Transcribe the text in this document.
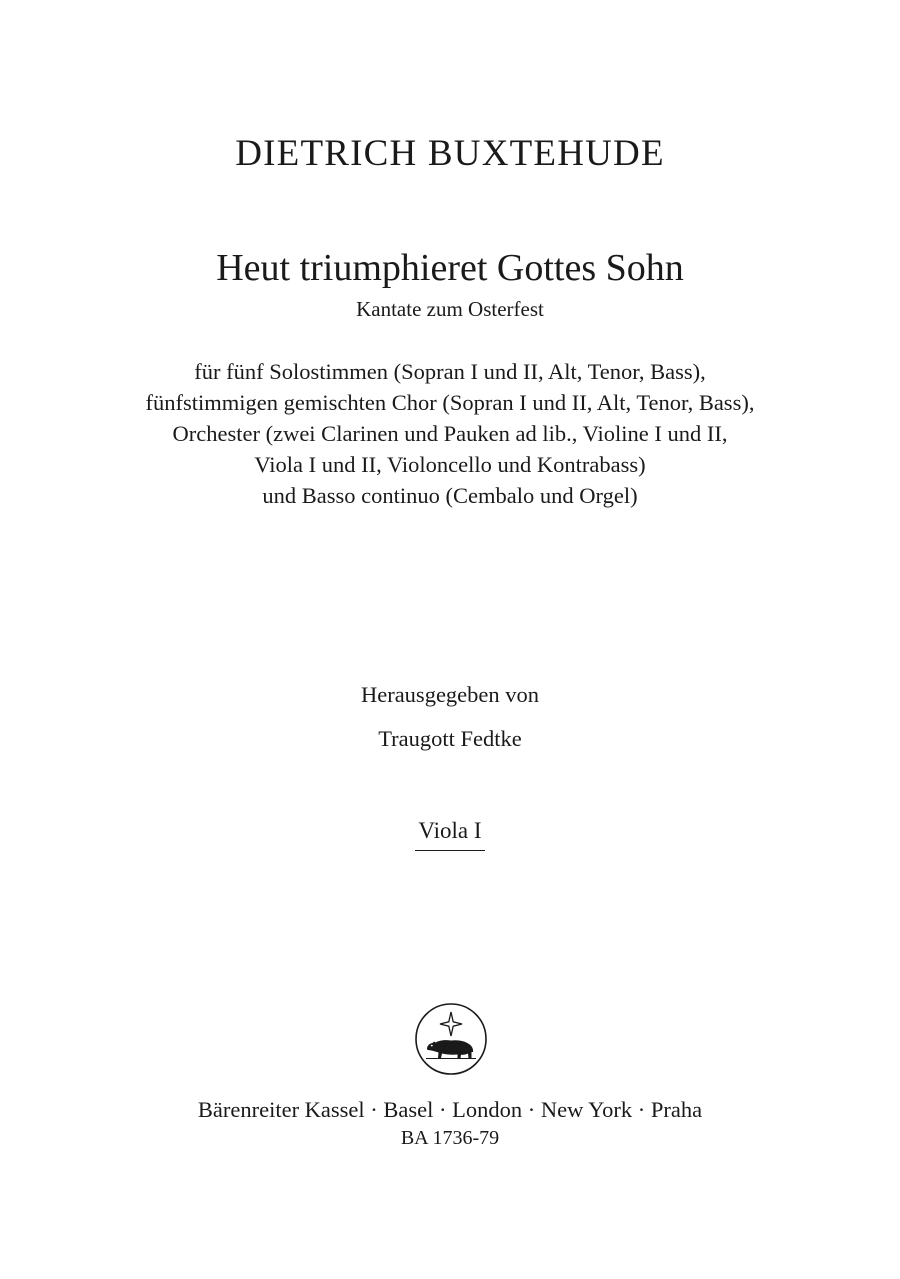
DIETRICH BUXTEHUDE
Heut triumphieret Gottes Sohn
Kantate zum Osterfest
für fünf Solostimmen (Sopran I und II, Alt, Tenor, Bass),
fünfstimmigen gemischten Chor (Sopran I und II, Alt, Tenor, Bass),
Orchester (zwei Clarinen und Pauken ad lib., Violine I und II,
Viola I und II, Violoncello und Kontrabass)
und Basso continuo (Cembalo und Orgel)
Herausgegeben von
Traugott Fedtke
Viola I
Bärenreiter Kassel · Basel · London · New York · Praha
BA 1736-79
